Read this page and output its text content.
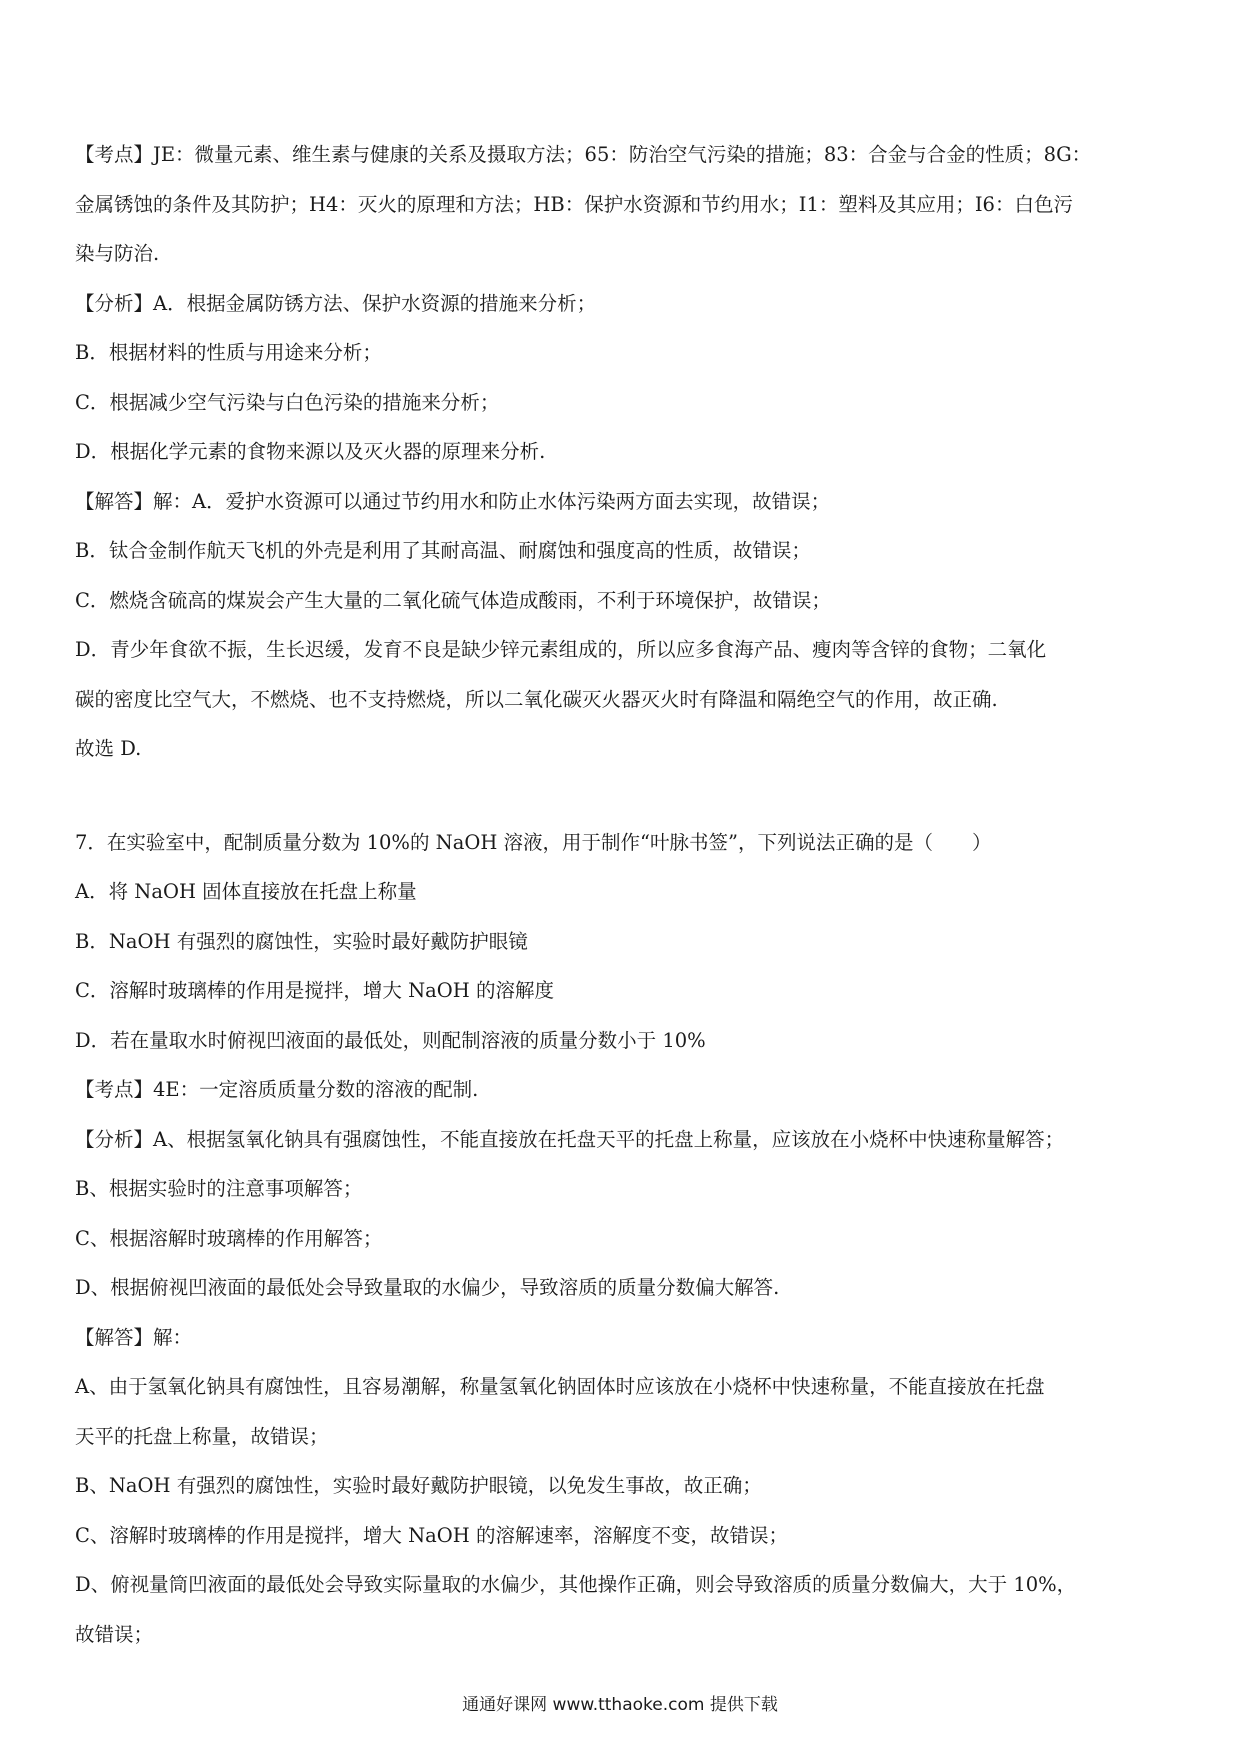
【考点】JE：微量元素、维生素与健康的关系及摄取方法；65：防治空气污染的措施；83：合金与合金的性质；8G：
金属锈蚀的条件及其防护；H4：灭火的原理和方法；HB：保护水资源和节约用水；I1：塑料及其应用；I6：白色污
染与防治.
【分析】A．根据金属防锈方法、保护水资源的措施来分析；
B．根据材料的性质与用途来分析；
C．根据减少空气污染与白色污染的措施来分析；
D．根据化学元素的食物来源以及灭火器的原理来分析.
【解答】解：A．爱护水资源可以通过节约用水和防止水体污染两方面去实现，故错误；
B．钛合金制作航天飞机的外壳是利用了其耐高温、耐腐蚀和强度高的性质，故错误；
C．燃烧含硫高的煤炭会产生大量的二氧化硫气体造成酸雨，不利于环境保护，故错误；
D．青少年食欲不振，生长迟缓，发育不良是缺少锌元素组成的，所以应多食海产品、瘦肉等含锌的食物；二氧化
碳的密度比空气大，不燃烧、也不支持燃烧，所以二氧化碳灭火器灭火时有降温和隔绝空气的作用，故正确.
故选 D.
7．在实验室中，配制质量分数为 10%的 NaOH 溶液，用于制作“叶脉书签”，下列说法正确的是（　　）
A．将 NaOH 固体直接放在托盘上称量
B．NaOH 有强烈的腐蚀性，实验时最好戴防护眼镜
C．溶解时玻璃棒的作用是搅拌，增大 NaOH 的溶解度
D．若在量取水时俯视凹液面的最低处，则配制溶液的质量分数小于 10%
【考点】4E：一定溶质质量分数的溶液的配制.
【分析】A、根据氢氧化钠具有强腐蚀性，不能直接放在托盘天平的托盘上称量，应该放在小烧杯中快速称量解答；
B、根据实验时的注意事项解答；
C、根据溶解时玻璃棒的作用解答；
D、根据俯视凹液面的最低处会导致量取的水偏少，导致溶质的质量分数偏大解答.
【解答】解：
A、由于氢氧化钠具有腐蚀性，且容易潮解，称量氢氧化钠固体时应该放在小烧杯中快速称量，不能直接放在托盘
天平的托盘上称量，故错误；
B、NaOH 有强烈的腐蚀性，实验时最好戴防护眼镜，以免发生事故，故正确；
C、溶解时玻璃棒的作用是搅拌，增大 NaOH 的溶解速率，溶解度不变，故错误；
D、俯视量筒凹液面的最低处会导致实际量取的水偏少，其他操作正确，则会导致溶质的质量分数偏大，大于 10%，
故错误；
通通好课网 www.tthaoke.com 提供下载
